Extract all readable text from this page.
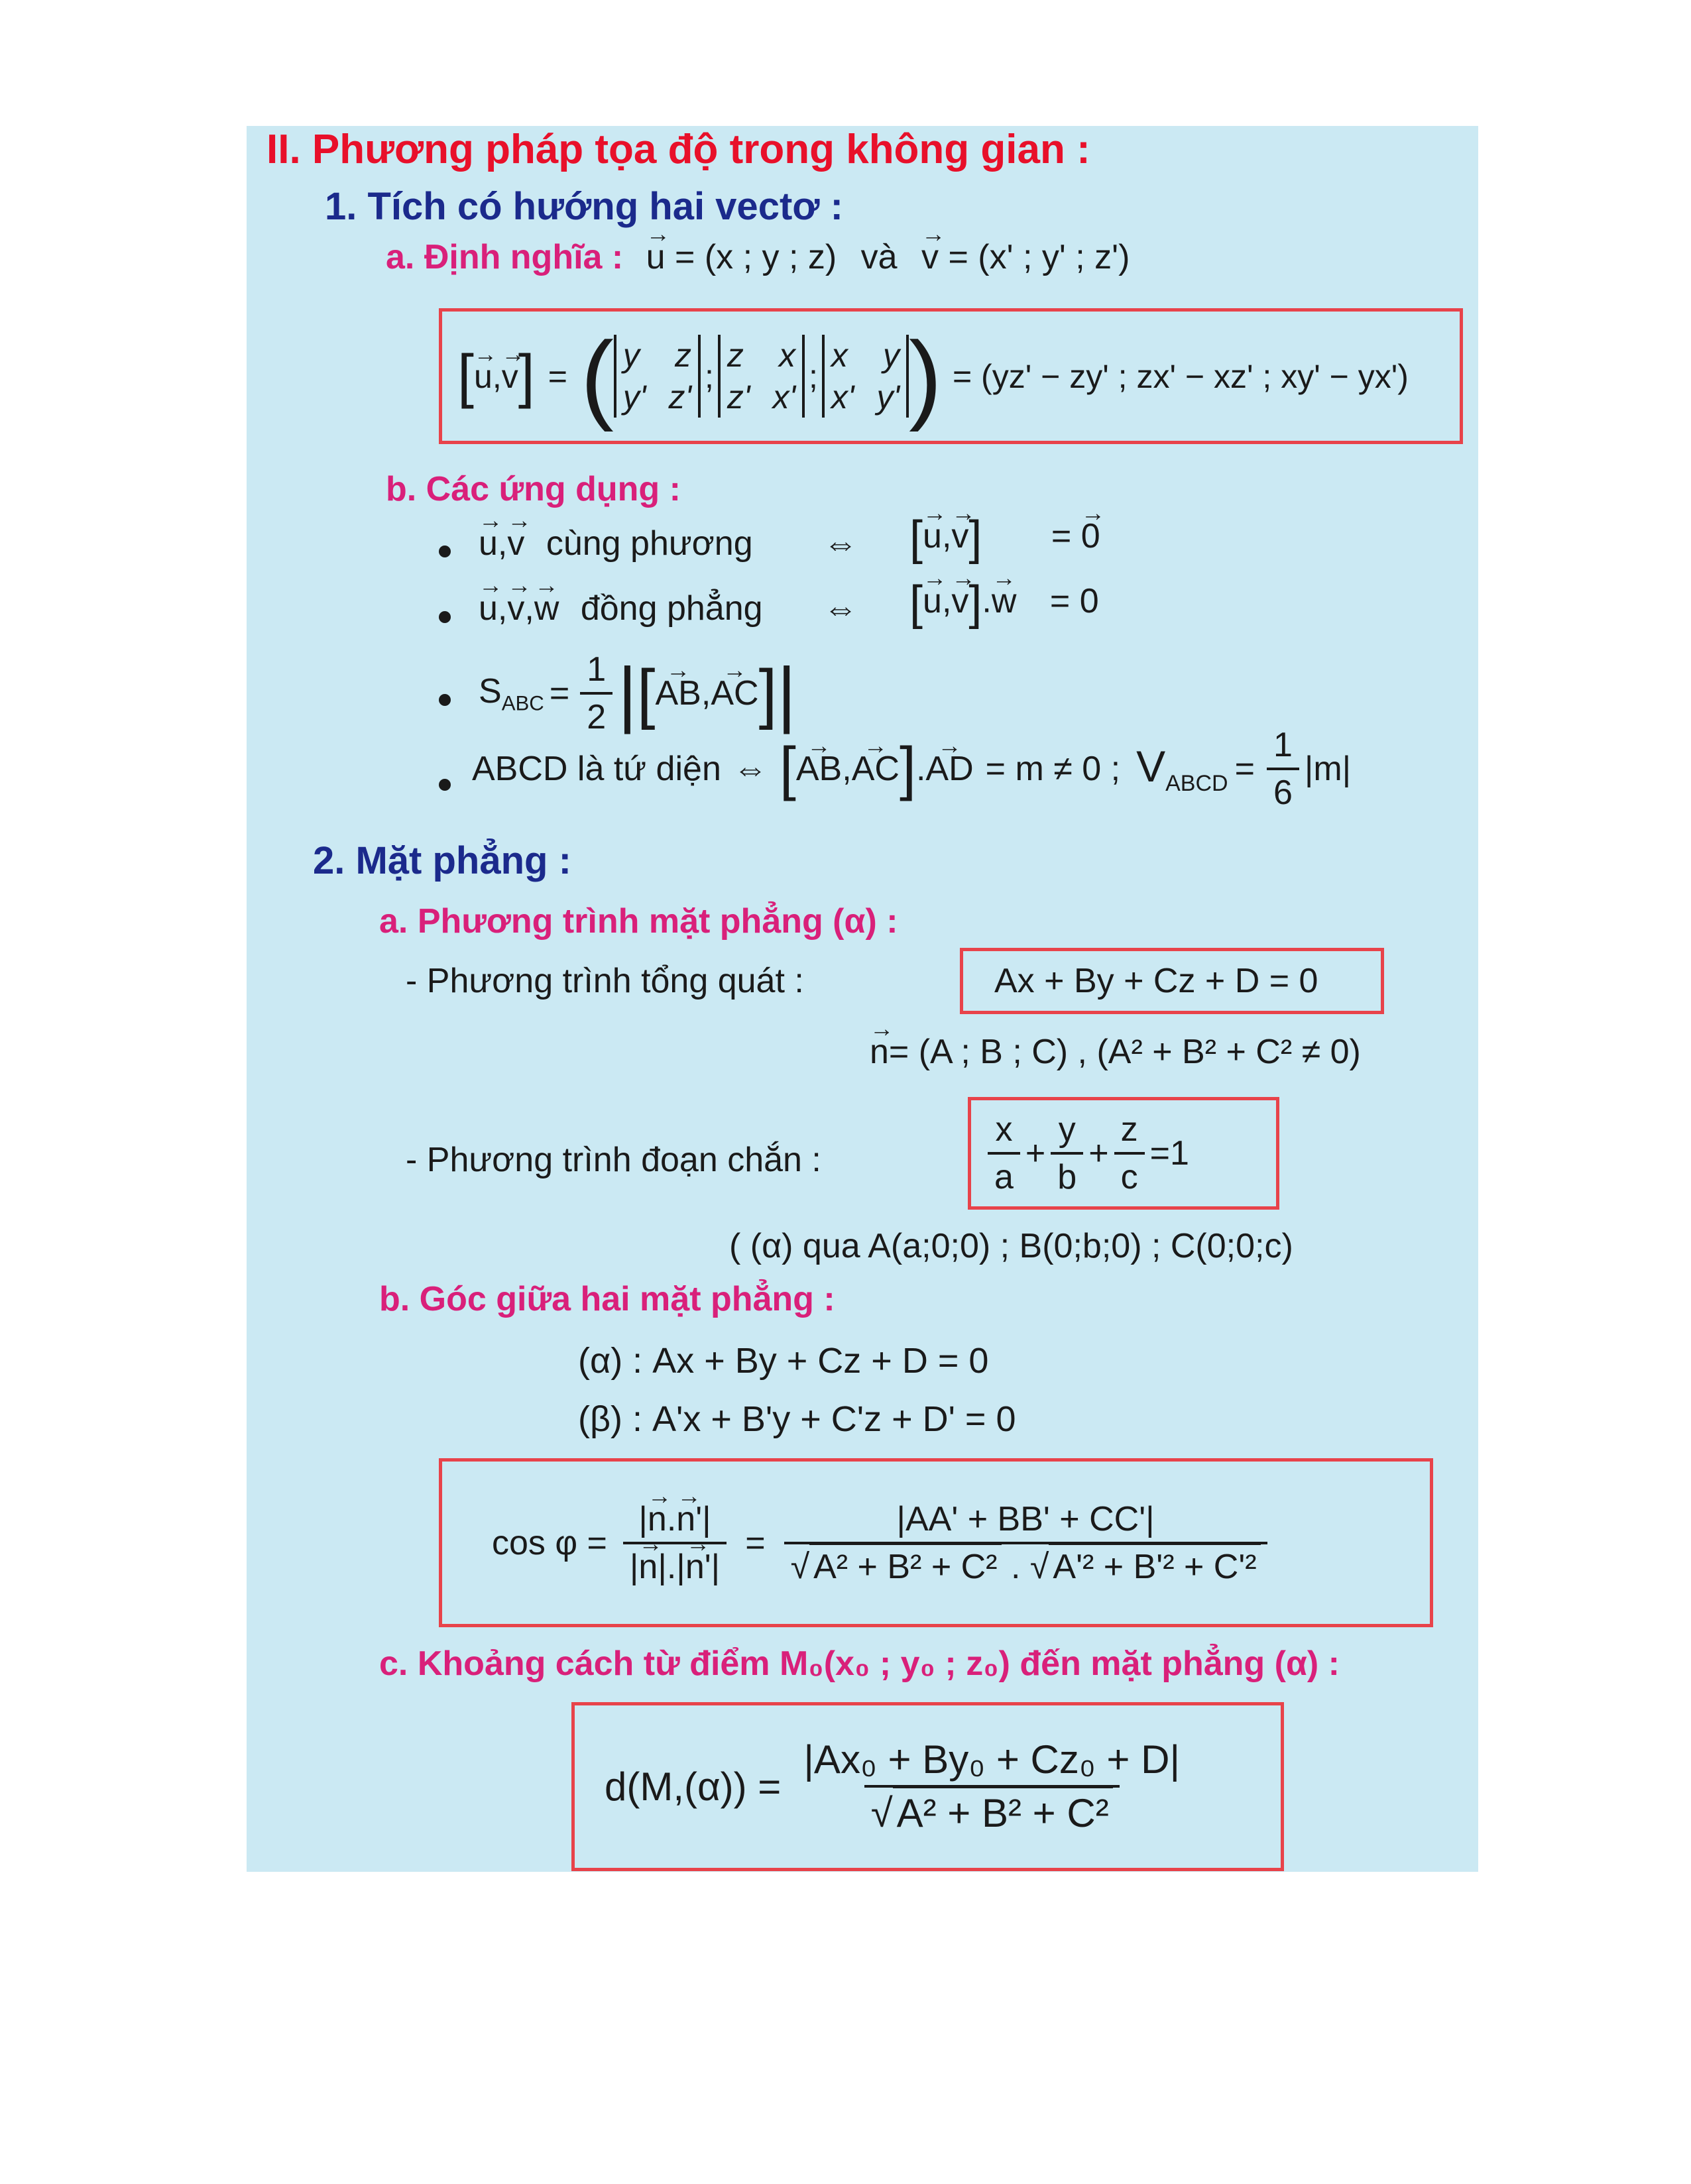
II. Phương pháp tọa độ trong không gian :
1. Tích có hướng hai vectơ :
a. Định nghĩa : → u = (x ; y ; z) và → v = (x' ; y' ; z')
[ → u , → v ] = ( y z
y' z'
;
z x
z' x'
;
x y
x' y' ) = (yz' − zy' ; zx' − xz' ; xy' − yx')
b. Các ứng dụng :
→ u,→ v cùng phương ⇔ [→ u,→ v] = → 0
→ u,→ v,→ w đồng phẳng ⇔ [→ u,→ v].→ w = 0
$S_{ABC} = \frac{1}{2}$ | [ → AB,→ AC ] |
ABCD là tứ diện ⇔ [ → AB,→ AC ] . → AD = m ≠ 0 ; $V_{ABCD} = \frac{1}{6} |m|$
2. Mặt phẳng :
a. Phương trình mặt phẳng (α) :
- Phương trình tổng quát :	Ax + By + Cz + D = 0
→ n= (A ; B ; C) , (A² + B² + C² ≠ 0)
- Phương trình đoạn chắn :	$\frac{x}{a} + \frac{y}{b} + \frac{z}{c} =1$
( (α) qua A(a;0;0) ; B(0;b;0) ; C(0;0;c)
b. Góc giữa hai mặt phẳng :
(α) : Ax + By + Cz + D = 0
(β) : A'x + B'y + C'z + D' = 0
$\cos \varphi = \frac{|\to n.\to n'|}{|\to n|.|\to n'|} = \frac{|AA' + BB' + CC'|}{\text{√ A² + B² + C² . √ A'² + B'² + C'²}}$
c. Khoảng cách từ điểm M₀(x₀ ; y₀ ; z₀) đến mặt phẳng (α) :
$d(M,(\alpha)) = \frac{\text{|Ax₀ + By₀ + Cz₀ + D|}}{\text{√ A² + B² + C²}}$
